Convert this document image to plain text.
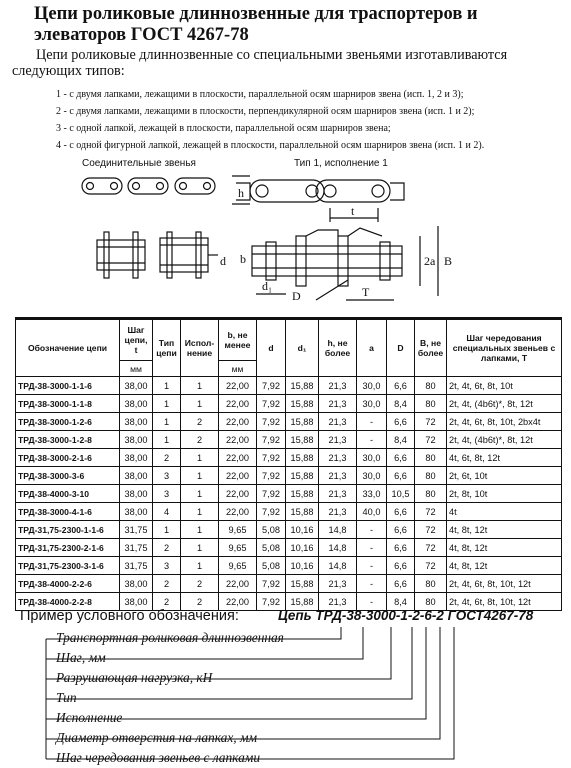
Цепи роликовые длиннозвенные для траспортеров и элеваторов ГОСТ 4267-78
Цепи роликовые длиннозвенные со специальными звеньями изготавливаются следующих типов:
1 - с двумя лапками, лежащими в плоскости, параллельной осям шарниров звена (исп. 1, 2 и 3);
2 - с двумя лапками, лежащими в плоскости, перпендикулярной осям шарниров звена (исп. 1 и 2);
3 - с одной лапкой, лежащей в плоскости, параллельной осям шарниров звена;
4 - с одной фигурной лапкой, лежащей в плоскости, параллельной осям шарниров звена (исп. 1 и 2).
Соединительные звенья	Тип 1, исполнение 1
h
t
d b	2a B
d₁
D	T
Обозначение цепи	Шаг цепи, t	Тип цепи	Испол-нение	b, не менее	d	d₁	h, не более	a	D	B, не более	Шаг чередования специальных звеньев с лапками, T
	мм			мм							
ТРД-38-3000-1-1-6	38,00	1	1	22,00	7,92	15,88	21,3	30,0	6,6	80	2t, 4t, 6t, 8t, 10t
ТРД-38-3000-1-1-8	38,00	1	1	22,00	7,92	15,88	21,3	30,0	8,4	80	2t, 4t, (4b6t)*, 8t, 12t
ТРД-38-3000-1-2-6	38,00	1	2	22,00	7,92	15,88	21,3	-	6,6	72	2t, 4t, 6t, 8t, 10t, 2bx4t
ТРД-38-3000-1-2-8	38,00	1	2	22,00	7,92	15,88	21,3	-	8,4	72	2t, 4t, (4b6t)*, 8t, 12t
ТРД-38-3000-2-1-6	38,00	2	1	22,00	7,92	15,88	21,3	30,0	6,6	80	4t, 6t, 8t, 12t
ТРД-38-3000-3-6	38,00	3	1	22,00	7,92	15,88	21,3	30,0	6,6	80	2t, 6t, 10t
ТРД-38-4000-3-10	38,00	3	1	22,00	7,92	15,88	21,3	33,0	10,5	80	2t, 8t, 10t
ТРД-38-3000-4-1-6	38,00	4	1	22,00	7,92	15,88	21,3	40,0	6,6	72	4t
ТРД-31,75-2300-1-1-6	31,75	1	1	9,65	5,08	10,16	14,8	-	6,6	72	4t, 8t, 12t
ТРД-31,75-2300-2-1-6	31,75	2	1	9,65	5,08	10,16	14,8	-	6,6	72	4t, 8t, 12t
ТРД-31,75-2300-3-1-6	31,75	3	1	9,65	5,08	10,16	14,8	-	6,6	72	4t, 8t, 12t
ТРД-38-4000-2-2-6	38,00	2	2	22,00	7,92	15,88	21,3	-	6,6	80	2t, 4t, 6t, 8t, 10t, 12t
ТРД-38-4000-2-2-8	38,00	2	2	22,00	7,92	15,88	21,3	-	8,4	80	2t, 4t, 6t, 8t, 10t, 12t
Пример условного обозначения:	Цепь ТРД-38-3000-1-2-6-2 ГОСТ4267-78
Транспортная роликовая длиннозвенная
Шаг, мм
Разрушающая нагрузка, кН
Тип
Исполнение
Диаметр отверстия на лапках, мм
Шаг чередования звеньев с лапками
